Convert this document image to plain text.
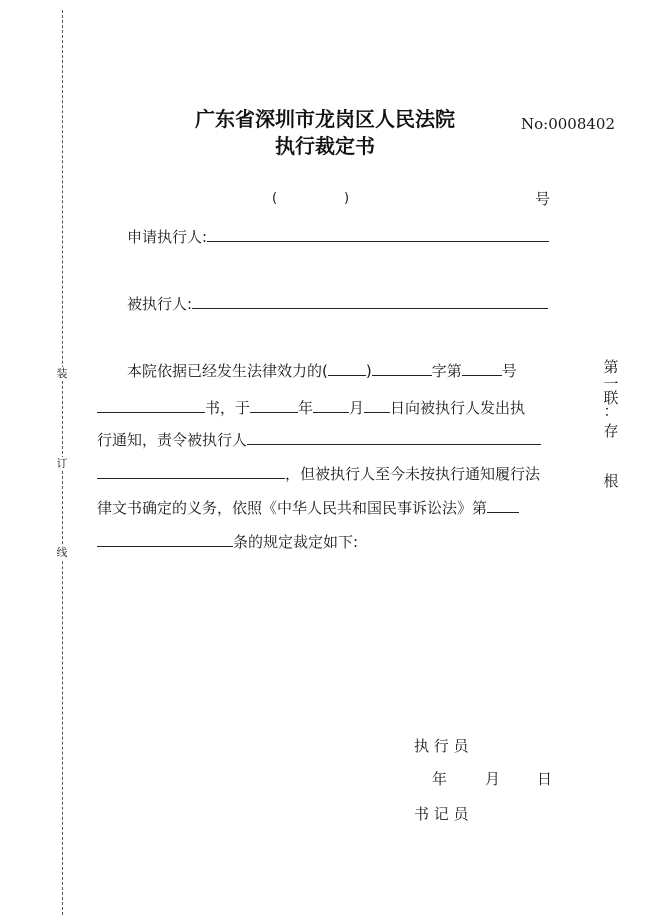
装
订
线
广东省深圳市龙岗区人民法院
执行裁定书
No:0008402
(	)	号
申请执行人:
被执行人:
本院依据已经发生法律效力的(	)	字第	号
书，于	年 月 日向被执行人发出执
行通知，责令被执行人
，但被执行人至今未按执行通知履行法
律文书确定的义务，依照《中华人民共和国民事诉讼法》第
条的规定裁定如下:
第
一
联
：
存
根
执 行 员
年	月 日
书 记 员
